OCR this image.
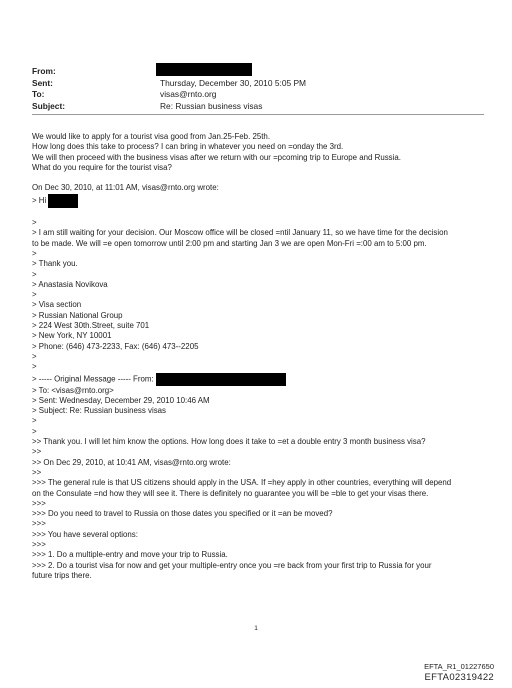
From:
Sent:	Thursday, December 30, 2010 5:05 PM
To:	visas@rnto.org
Subject:	Re: Russian business visas
We would like to apply for a tourist visa good from Jan.25-Feb. 25th.
How long does this take to process? I can bring in whatever you need on =onday the 3rd.
We will then proceed with the business visas after we return with our =pcoming trip to Europe and Russia.
What do you require for the tourist visa?
On Dec 30, 2010, at 11:01 AM, visas@rnto.org wrote:
> Hi
>
> I am still waiting for your decision. Our Moscow office will be closed =ntil January 11, so we have time for the decision
to be made. We will =e open tomorrow until 2:00 pm and starting Jan 3 we are open Mon-Fri =:00 am to 5:00 pm.
>
> Thank you.
>
> Anastasia Novikova
>
> Visa section
> Russian National Group
> 224 West 30th.Street, suite 701
> New York, NY 10001
> Phone: (646) 473-2233, Fax: (646) 473--2205
>
>
> ----- Original Message ----- From:
> To: <visas@rnto.org>
> Sent: Wednesday, December 29, 2010 10:46 AM
> Subject: Re: Russian business visas
>
>
>> Thank you. I will let him know the options. How long does it take to =et a double entry 3 month business visa?
>>
>> On Dec 29, 2010, at 10:41 AM, visas@rnto.org wrote:
>>
>>> The general rule is that US citizens should apply in the USA. If =hey apply in other countries, everything will depend
on the Consulate =nd how they will see it. There is definitely no guarantee you will be =ble to get your visas there.
>>>
>>> Do you need to travel to Russia on those dates you specified or it =an be moved?
>>>
>>> You have several options:
>>>
>>> 1. Do a multiple-entry and move your trip to Russia.
>>> 2. Do a tourist visa for now and get your multiple-entry once you =re back from your first trip to Russia for your
future trips there.
1
EFTA_R1_01227650
EFTA02319422
